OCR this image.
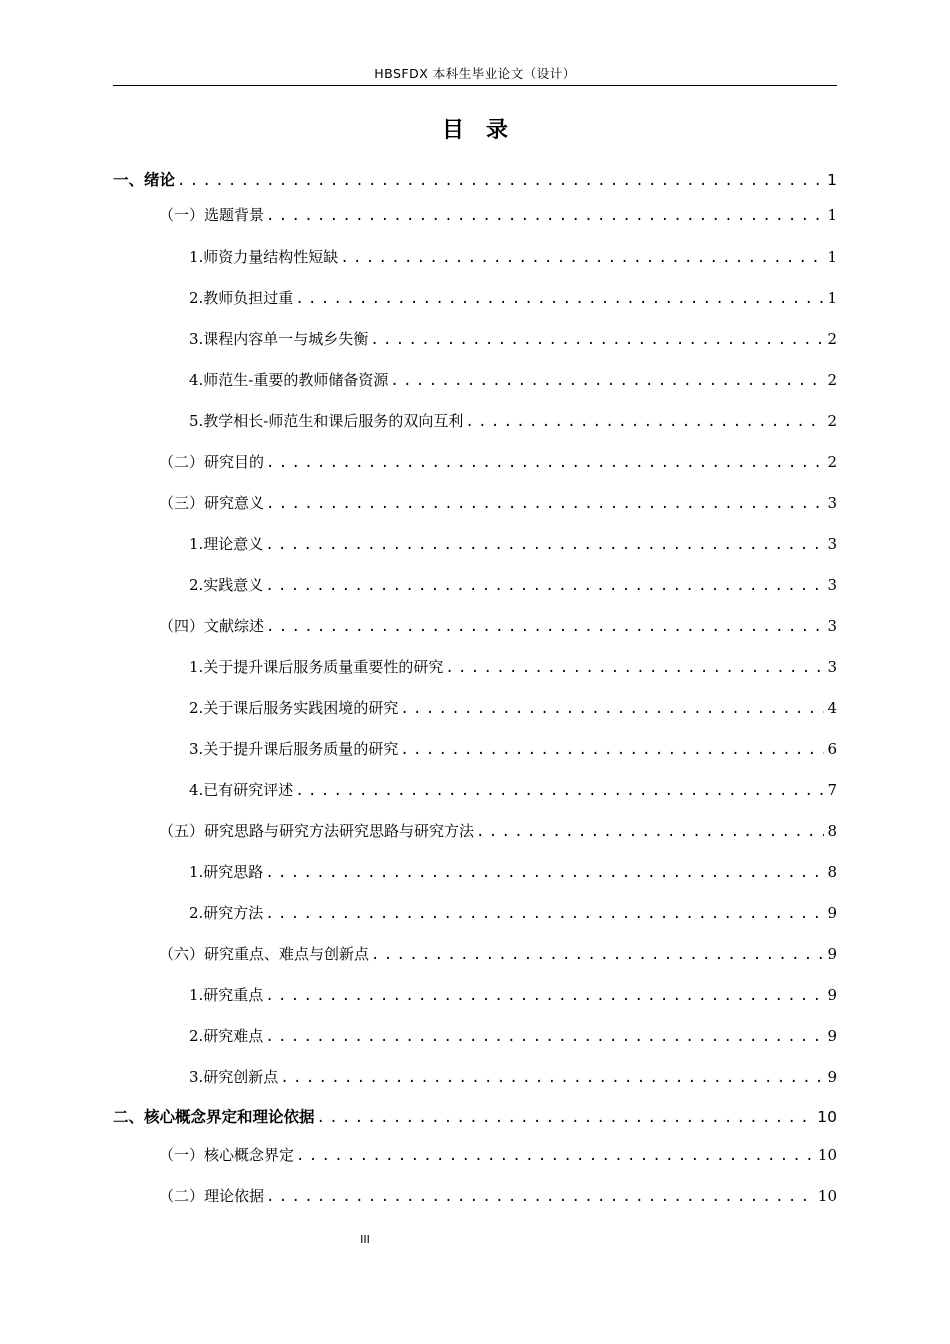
HBSFDX 本科生毕业论文（设计）
目录
一、绪论 .....	1
（一）选题背景 .....	1
1.师资力量结构性短缺 .....	1
2.教师负担过重 .....	1
3.课程内容单一与城乡失衡 .....	2
4.师范生-重要的教师储备资源 .....	2
5.教学相长-师范生和课后服务的双向互利 .....	2
（二）研究目的 .....	2
（三）研究意义 .....	3
1.理论意义 .....	3
2.实践意义 .....	3
（四）文献综述 .....	3
1.关于提升课后服务质量重要性的研究 .....	3
2.关于课后服务实践困境的研究 .....	4
3.关于提升课后服务质量的研究 .....	6
4.已有研究评述 .....	7
（五）研究思路与研究方法研究思路与研究方法 .....	8
1.研究思路 .....	8
2.研究方法 .....	9
（六）研究重点、难点与创新点 .....	9
1.研究重点 .....	9
2.研究难点 .....	9
3.研究创新点 .....	9
二、核心概念界定和理论依据 .....	10
（一）核心概念界定 .....	10
（二）理论依据 .....	10
III
